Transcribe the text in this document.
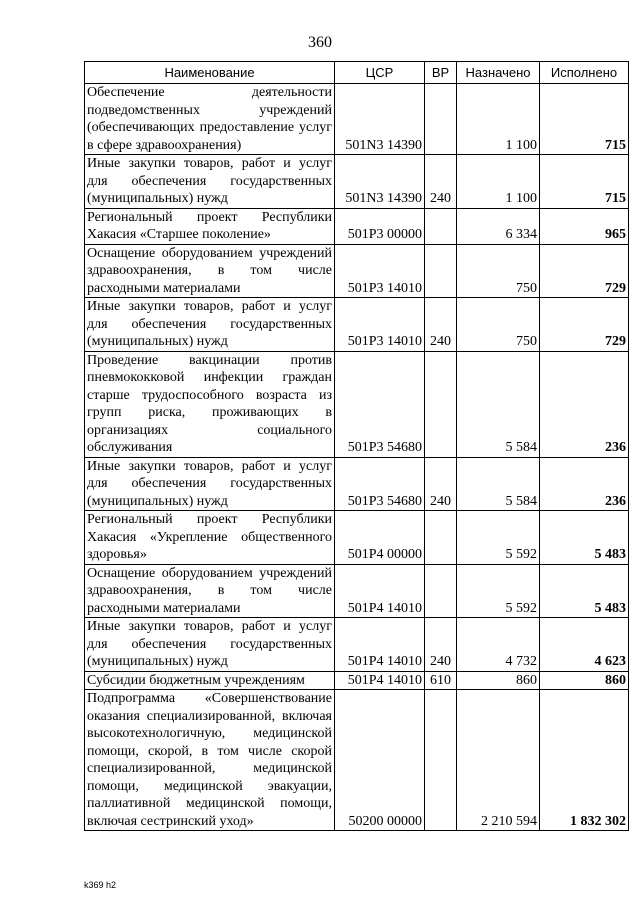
360
Наименование	ЦСР	ВР	Назначено	Исполнено
Обеспечение деятельности подведомственных учреждений (обеспечивающих предоставление услуг в сфере здравоохранения)	501N3 14390		1 100	715
Иные закупки товаров, работ и услуг для обеспечения государственных (муниципальных) нужд	501N3 14390	240	1 100	715
Региональный проект Республики Хакасия «Старшее поколение»	501P3 00000		6 334	965
Оснащение оборудованием учреждений здравоохранения, в том числе расходными материалами	501P3 14010		750	729
Иные закупки товаров, работ и услуг для обеспечения государственных (муниципальных) нужд	501P3 14010	240	750	729
Проведение вакцинации против пневмококковой инфекции граждан старше трудоспособного возраста из групп риска, проживающих в организациях социального обслуживания	501P3 54680		5 584	236
Иные закупки товаров, работ и услуг для обеспечения государственных (муниципальных) нужд	501P3 54680	240	5 584	236
Региональный проект Республики Хакасия «Укрепление общественного здоровья»	501P4 00000		5 592	5 483
Оснащение оборудованием учреждений здравоохранения, в том числе расходными материалами	501P4 14010		5 592	5 483
Иные закупки товаров, работ и услуг для обеспечения государственных (муниципальных) нужд	501P4 14010	240	4 732	4 623
Субсидии бюджетным учреждениям	501P4 14010	610	860	860
Подпрограмма «Совершенствование оказания специализированной, включая высокотехнологичную, медицинской помощи, скорой, в том числе скорой специализированной, медицинской помощи, медицинской эвакуации, паллиативной медицинской помощи, включая сестринский уход»	50200 00000		2 210 594	1 832 302
k369 h2
